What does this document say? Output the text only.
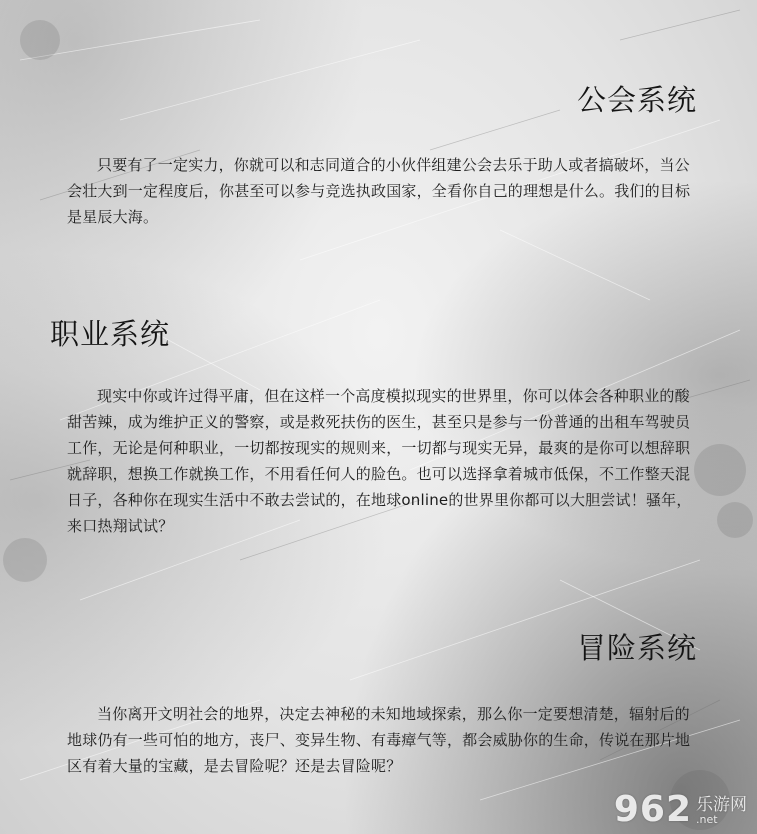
公会系统

只要有了一定实力，你就可以和志同道合的小伙伴组建公会去乐于助人或者搞破坏，当公会壮大到一定程度后，你甚至可以参与竞选执政国家，全看你自己的理想是什么。我们的目标是星辰大海。

职业系统

现实中你或许过得平庸，但在这样一个高度模拟现实的世界里，你可以体会各种职业的酸甜苦辣，成为维护正义的警察，或是救死扶伤的医生，甚至只是参与一份普通的出租车驾驶员工作，无论是何种职业，一切都按现实的规则来，一切都与现实无异，最爽的是你可以想辞职就辞职，想换工作就换工作，不用看任何人的脸色。也可以选择拿着城市低保，不工作整天混日子，各种你在现实生活中不敢去尝试的，在地球online的世界里你都可以大胆尝试！骚年，来口热翔试试？

冒险系统

当你离开文明社会的地界，决定去神秘的未知地域探索，那么你一定要想清楚，辐射后的地球仍有一些可怕的地方，丧尸、变异生物、有毒瘴气等，都会威胁你的生命，传说在那片地区有着大量的宝藏，是去冒险呢？还是去冒险呢？

962 乐游网
.net
